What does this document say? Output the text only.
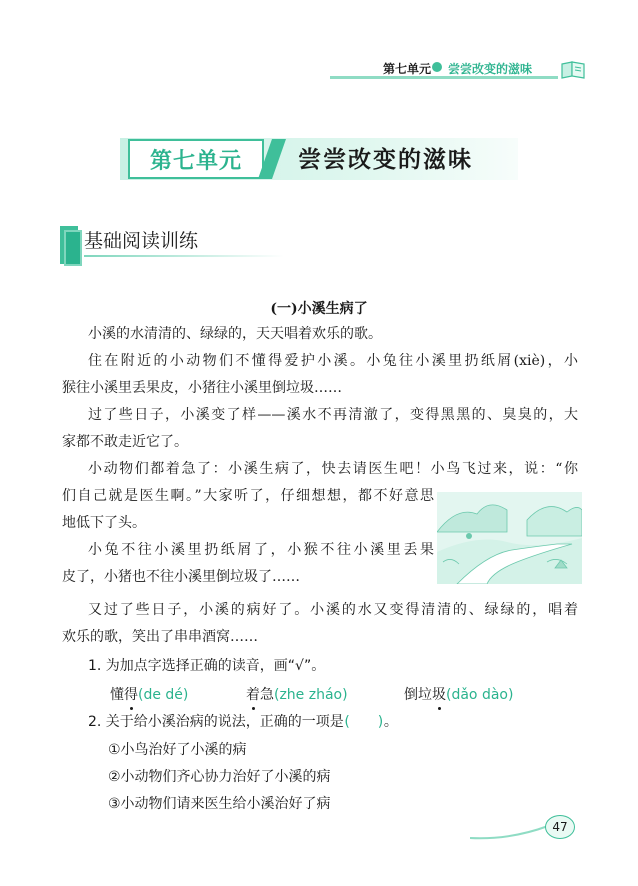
第七单元 尝尝改变的滋味
第七单元	尝尝改变的滋味
基础阅读训练
(一)小溪生病了
小溪的水清清的、绿绿的，天天唱着欢乐的歌。
住在附近的小动物们不懂得爱护小溪。小兔往小溪里扔纸屑(xiè)，小
猴往小溪里丢果皮，小猪往小溪里倒垃圾……
过了些日子，小溪变了样——溪水不再清澈了，变得黑黑的、臭臭的，大
家都不敢走近它了。
小动物们都着急了：小溪生病了，快去请医生吧！小鸟飞过来，说：“你
们自己就是医生啊。”大家听了，仔细想想，都不好意思
地低下了头。
小兔不往小溪里扔纸屑了，小猴不往小溪里丢果
皮了，小猪也不往小溪里倒垃圾了……
又过了些日子，小溪的病好了。小溪的水又变得清清的、绿绿的，唱着
欢乐的歌，笑出了串串酒窝……
1. 为加点字选择正确的读音，画“√”。
懂得(de dé)	着急(zhe zháo)	倒垃圾(dǎo dào)
2. 关于给小溪治病的说法，正确的一项是(　　)。
①小鸟治好了小溪的病
②小动物们齐心协力治好了小溪的病
③小动物们请来医生给小溪治好了病
47
